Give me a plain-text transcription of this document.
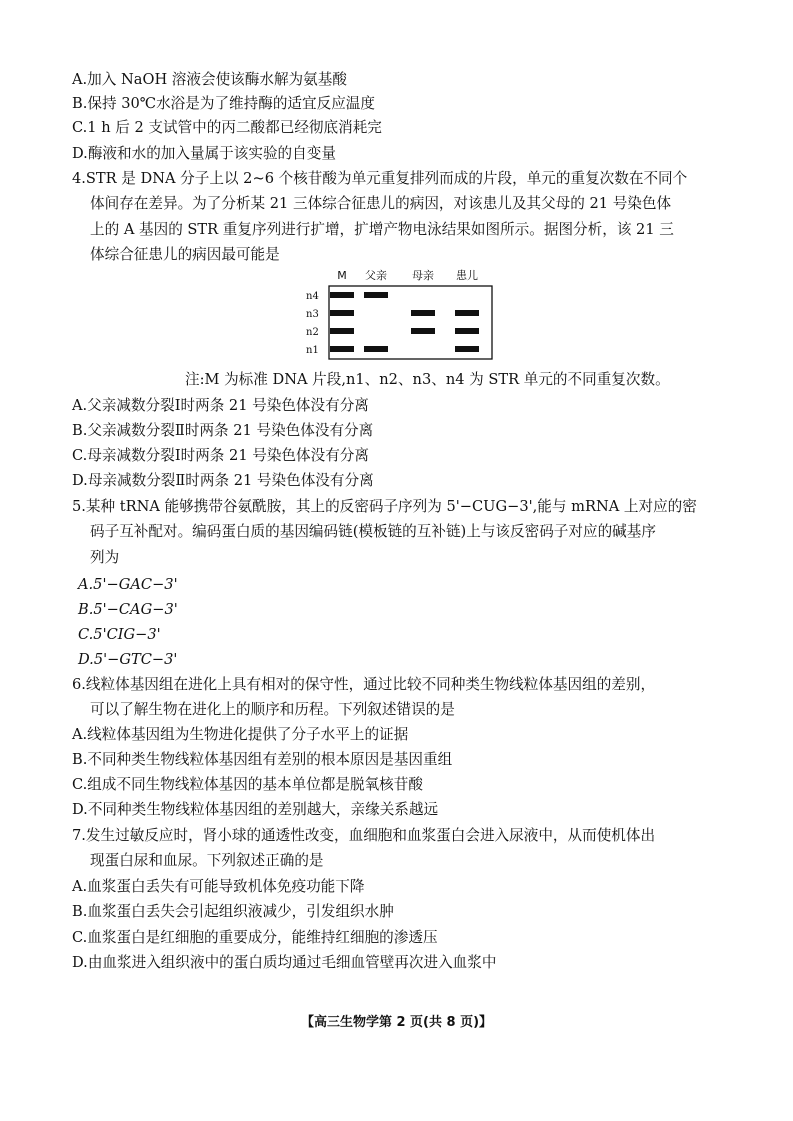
A.加入 NaOH 溶液会使该酶水解为氨基酸
B.保持 30℃水浴是为了维持酶的适宜反应温度
C.1 h 后 2 支试管中的丙二酸都已经彻底消耗完
D.酶液和水的加入量属于该实验的自变量
4.STR 是 DNA 分子上以 2~6 个核苷酸为单元重复排列而成的片段，单元的重复次数在不同个
体间存在差异。为了分析某 21 三体综合征患儿的病因，对该患儿及其父母的 21 号染色体
上的 A 基因的 STR 重复序列进行扩增，扩增产物电泳结果如图所示。据图分析，该 21 三
体综合征患儿的病因最可能是
M 父亲 母亲 患儿
n4
n3
n2
n1
注:M 为标准 DNA 片段,n1、n2、n3、n4 为 STR 单元的不同重复次数。
A.父亲减数分裂Ⅰ时两条 21 号染色体没有分离
B.父亲减数分裂Ⅱ时两条 21 号染色体没有分离
C.母亲减数分裂Ⅰ时两条 21 号染色体没有分离
D.母亲减数分裂Ⅱ时两条 21 号染色体没有分离
5.某种 tRNA 能够携带谷氨酰胺，其上的反密码子序列为 5'−CUG−3',能与 mRNA 上对应的密
码子互补配对。编码蛋白质的基因编码链(模板链的互补链)上与该反密码子对应的碱基序
列为
A.5'−GAC−3'
B.5'−CAG−3'
C.5'CIG−3'
D.5'−GTC−3'
6.线粒体基因组在进化上具有相对的保守性，通过比较不同种类生物线粒体基因组的差别，
可以了解生物在进化上的顺序和历程。下列叙述错误的是
A.线粒体基因组为生物进化提供了分子水平上的证据
B.不同种类生物线粒体基因组有差别的根本原因是基因重组
C.组成不同生物线粒体基因的基本单位都是脱氧核苷酸
D.不同种类生物线粒体基因组的差别越大，亲缘关系越远
7.发生过敏反应时，肾小球的通透性改变，血细胞和血浆蛋白会进入尿液中，从而使机体出
现蛋白尿和血尿。下列叙述正确的是
A.血浆蛋白丢失有可能导致机体免疫功能下降
B.血浆蛋白丢失会引起组织液减少，引发组织水肿
C.血浆蛋白是红细胞的重要成分，能维持红细胞的渗透压
D.由血浆进入组织液中的蛋白质均通过毛细血管壁再次进入血浆中
【高三生物学第 2 页(共 8 页)】
